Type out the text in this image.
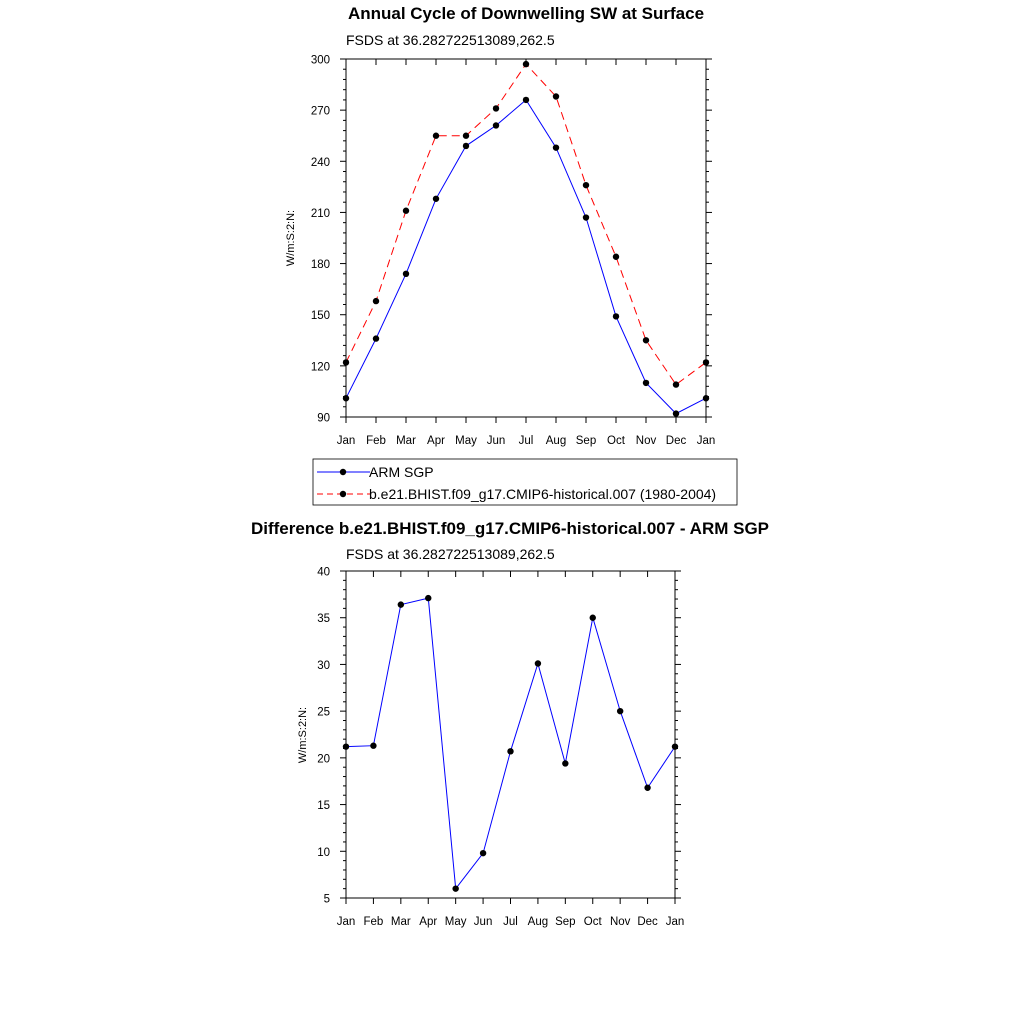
Annual Cycle of Downwelling SW at Surface
FSDS at 36.282722513089,262.5
W/m:S:2:N:
Jan Feb Mar Apr May Jun Jul Aug Sep Oct Nov Dec Jan
90
120
150
180
210
240
270
300
ARM SGP
b.e21.BHIST.f09_g17.CMIP6-historical.007 (1980-2004)
Difference b.e21.BHIST.f09_g17.CMIP6-historical.007 - ARM SGP
FSDS at 36.282722513089,262.5
W/m:S:2:N:
Jan Feb Mar Apr May Jun Jul Aug Sep Oct Nov Dec Jan
5
10
15
20
25
30
35
40
